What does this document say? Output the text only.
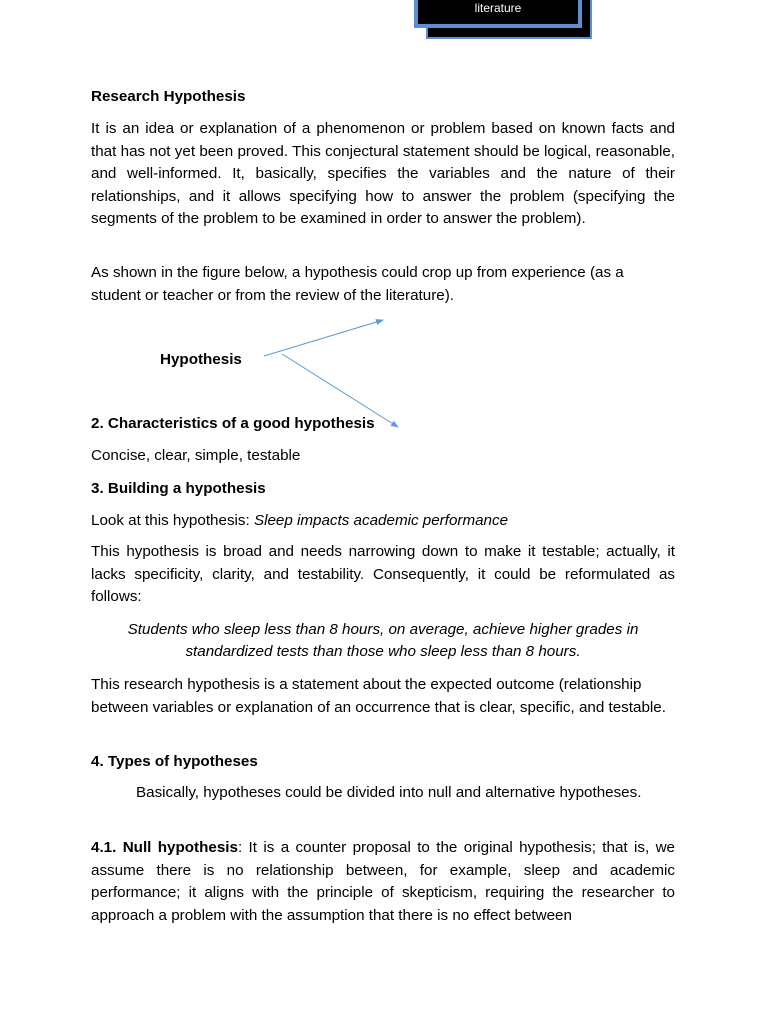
literature

Research Hypothesis

It is an idea or explanation of a phenomenon or problem based on known facts and that has not yet been proved. This conjectural statement should be logical, reasonable, and well-informed. It, basically, specifies the variables and the nature of their relationships, and it allows specifying how to answer the problem (specifying the segments of the problem to be examined in order to answer the problem).

As shown in the figure below, a hypothesis could crop up from experience (as a student or teacher or from the review of the literature).

Hypothesis

2. Characteristics of a good hypothesis

Concise, clear, simple, testable

3. Building a hypothesis

Look at this hypothesis: Sleep impacts academic performance

This hypothesis is broad and needs narrowing down to make it testable; actually, it lacks specificity, clarity, and testability. Consequently, it could be reformulated as follows:

Students who sleep less than 8 hours, on average, achieve higher grades in

standardized tests than those who sleep less than 8 hours.

This research hypothesis is a statement about the expected outcome (relationship between variables or explanation of an occurrence that is clear, specific, and testable.

4. Types of hypotheses

Basically, hypotheses could be divided into null and alternative hypotheses.

4.1. Null hypothesis: It is a counter proposal to the original hypothesis; that is, we assume there is no relationship between, for example, sleep and academic performance; it aligns with the principle of skepticism, requiring the researcher to approach a problem with the assumption that there is no effect between
